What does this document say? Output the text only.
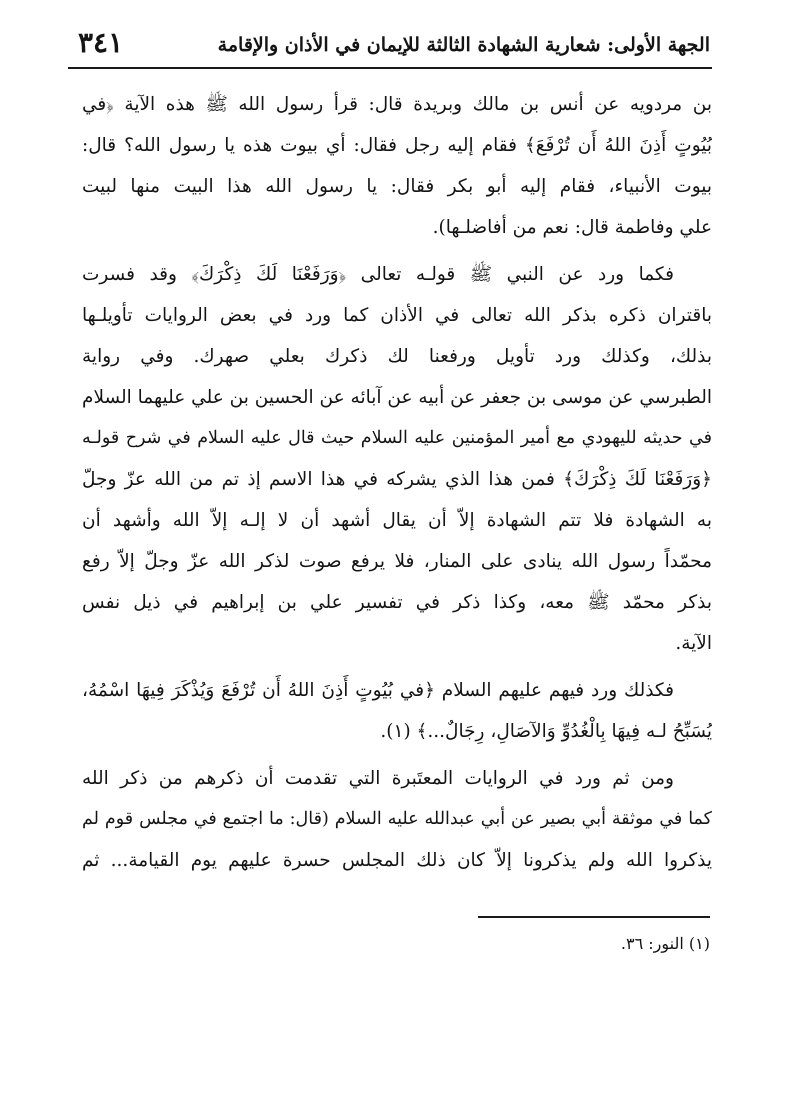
الجهة الأولى: شعارية الشهادة الثالثة للإيمان في الأذان والإقامة
٣٤١
بن مردويه عن أنس بن مالك وبريدة قال: قرأ رسول الله ﷺ هذه الآية ﴿في
بُيُوتٍ أَذِنَ اللهُ أَن تُرْفَعَ﴾ فقام إليه رجل فقال: أي بيوت هذه يا رسول الله؟ قال:
بيوت الأنبياء، فقام إليه أبو بكر فقال: يا رسول الله هذا البيت منها لبيت
علي وفاطمة قال: نعم من أفاضلـها).
فكما ورد عن النبي ﷺ قولـه تعالى ﴿وَرَفَعْنَا لَكَ ذِكْرَكَ﴾ وقد فسرت
باقتران ذكره بذكر الله تعالى في الأذان كما ورد في بعض الروايات تأويلـها
بذلك، وكذلك ورد تأويل ورفعنا لك ذكرك بعلي صهرك. وفي رواية
الطبرسي عن موسى بن جعفر عن أبيه عن آبائه عن الحسين بن علي عليهما السلام
في حديثه لليهودي مع أمير المؤمنين عليه السلام حيث قال عليه السلام في شرح قولـه
﴿وَرَفَعْنَا لَكَ ذِكْرَكَ﴾ فمن هذا الذي يشركه في هذا الاسم إذ تم من الله عزّ وجلّ
به الشهادة فلا تتم الشهادة إلاّ أن يقال أشهد أن لا إلـه إلاّ الله وأشهد أن
محمّداً رسول الله ينادى على المنار، فلا يرفع صوت لذكر الله عزّ وجلّ إلاّ رفع
بذكر محمّد ﷺ معه، وكذا ذكر في تفسير علي بن إبراهيم في ذيل نفس
الآية.
فكذلك ورد فيهم عليهم السلام ﴿في بُيُوتٍ أَذِنَ اللهُ أَن تُرْفَعَ وَيُذْكَرَ فِيهَا اسْمُهُ،
يُسَبِّحُ لـه فِيهَا بِالْغُدُوِّ وَالآصَالِ، رِجَالٌ...﴾ (١).
ومن ثم ورد في الروايات المعتَبرة التي تقدمت أن ذكرهم من ذكر الله
كما في موثقة أبي بصير عن أبي عبدالله عليه السلام (قال: ما اجتمع في مجلس قوم لم
يذكروا الله ولم يذكرونا إلاّ كان ذلك المجلس حسرة عليهم يوم القيامة... ثم
(١) النور: ٣٦.
